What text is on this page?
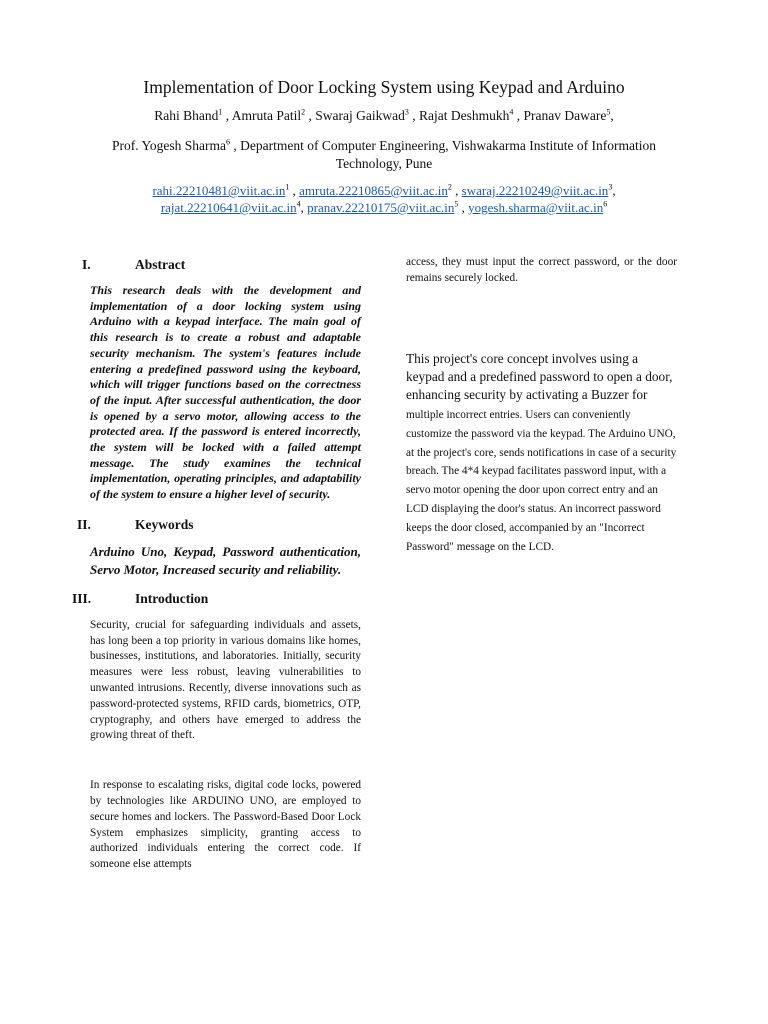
Implementation of Door Locking System using Keypad and Arduino
Rahi Bhand$^1$ , Amruta Patil$^2$ , Swaraj Gaikwad$^3$ , Rajat Deshmukh$^4$ , Pranav Daware$^5$,
Prof. Yogesh Sharma$^6$ , Department of Computer Engineering, Vishwakarma Institute of Information Technology, Pune
$rahi.22210481@viit.ac.in^1$ , $amruta.22210865@viit.ac.in^2$ , $swaraj.22210249@viit.ac.in^3$,
$rajat.22210641@viit.ac.in^4$, $pranav.22210175@viit.ac.in^5$ , $yogesh.sharma@viit.ac.in^6$
I.	Abstract
This research deals with the development and implementation of a door locking system using Arduino with a keypad interface. The main goal of this research is to create a robust and adaptable security mechanism. The system's features include entering a predefined password using the keyboard, which will trigger functions based on the correctness of the input. After successful authentication, the door is opened by a servo motor, allowing access to the protected area. If the password is entered incorrectly, the system will be locked with a failed attempt message. The study examines the technical implementation, operating principles, and adaptability of the system to ensure a higher level of security.
II.	Keywords
Arduino Uno, Keypad, Password authentication, Servo Motor, Increased security and reliability.
III.	Introduction
Security, crucial for safeguarding individuals and assets, has long been a top priority in various domains like homes, businesses, institutions, and laboratories. Initially, security measures were less robust, leaving vulnerabilities to unwanted intrusions. Recently, diverse innovations such as password-protected systems, RFID cards, biometrics, OTP, cryptography, and others have emerged to address the growing threat of theft.
In response to escalating risks, digital code locks, powered by technologies like ARDUINO UNO, are employed to secure homes and lockers. The Password-Based Door Lock System emphasizes simplicity, granting access to authorized individuals entering the correct code. If someone else attempts
access, they must input the correct password, or the door remains securely locked.
This project's core concept involves using a keypad and a predefined password to open a door, enhancing security by activating a Buzzer for multiple incorrect entries. Users can conveniently customize the password via the keypad. The Arduino UNO, at the project's core, sends notifications in case of a security breach. The 4*4 keypad facilitates password input, with a servo motor opening the door upon correct entry and an LCD displaying the door's status. An incorrect password keeps the door closed, accompanied by an "Incorrect Password" message on the LCD.
